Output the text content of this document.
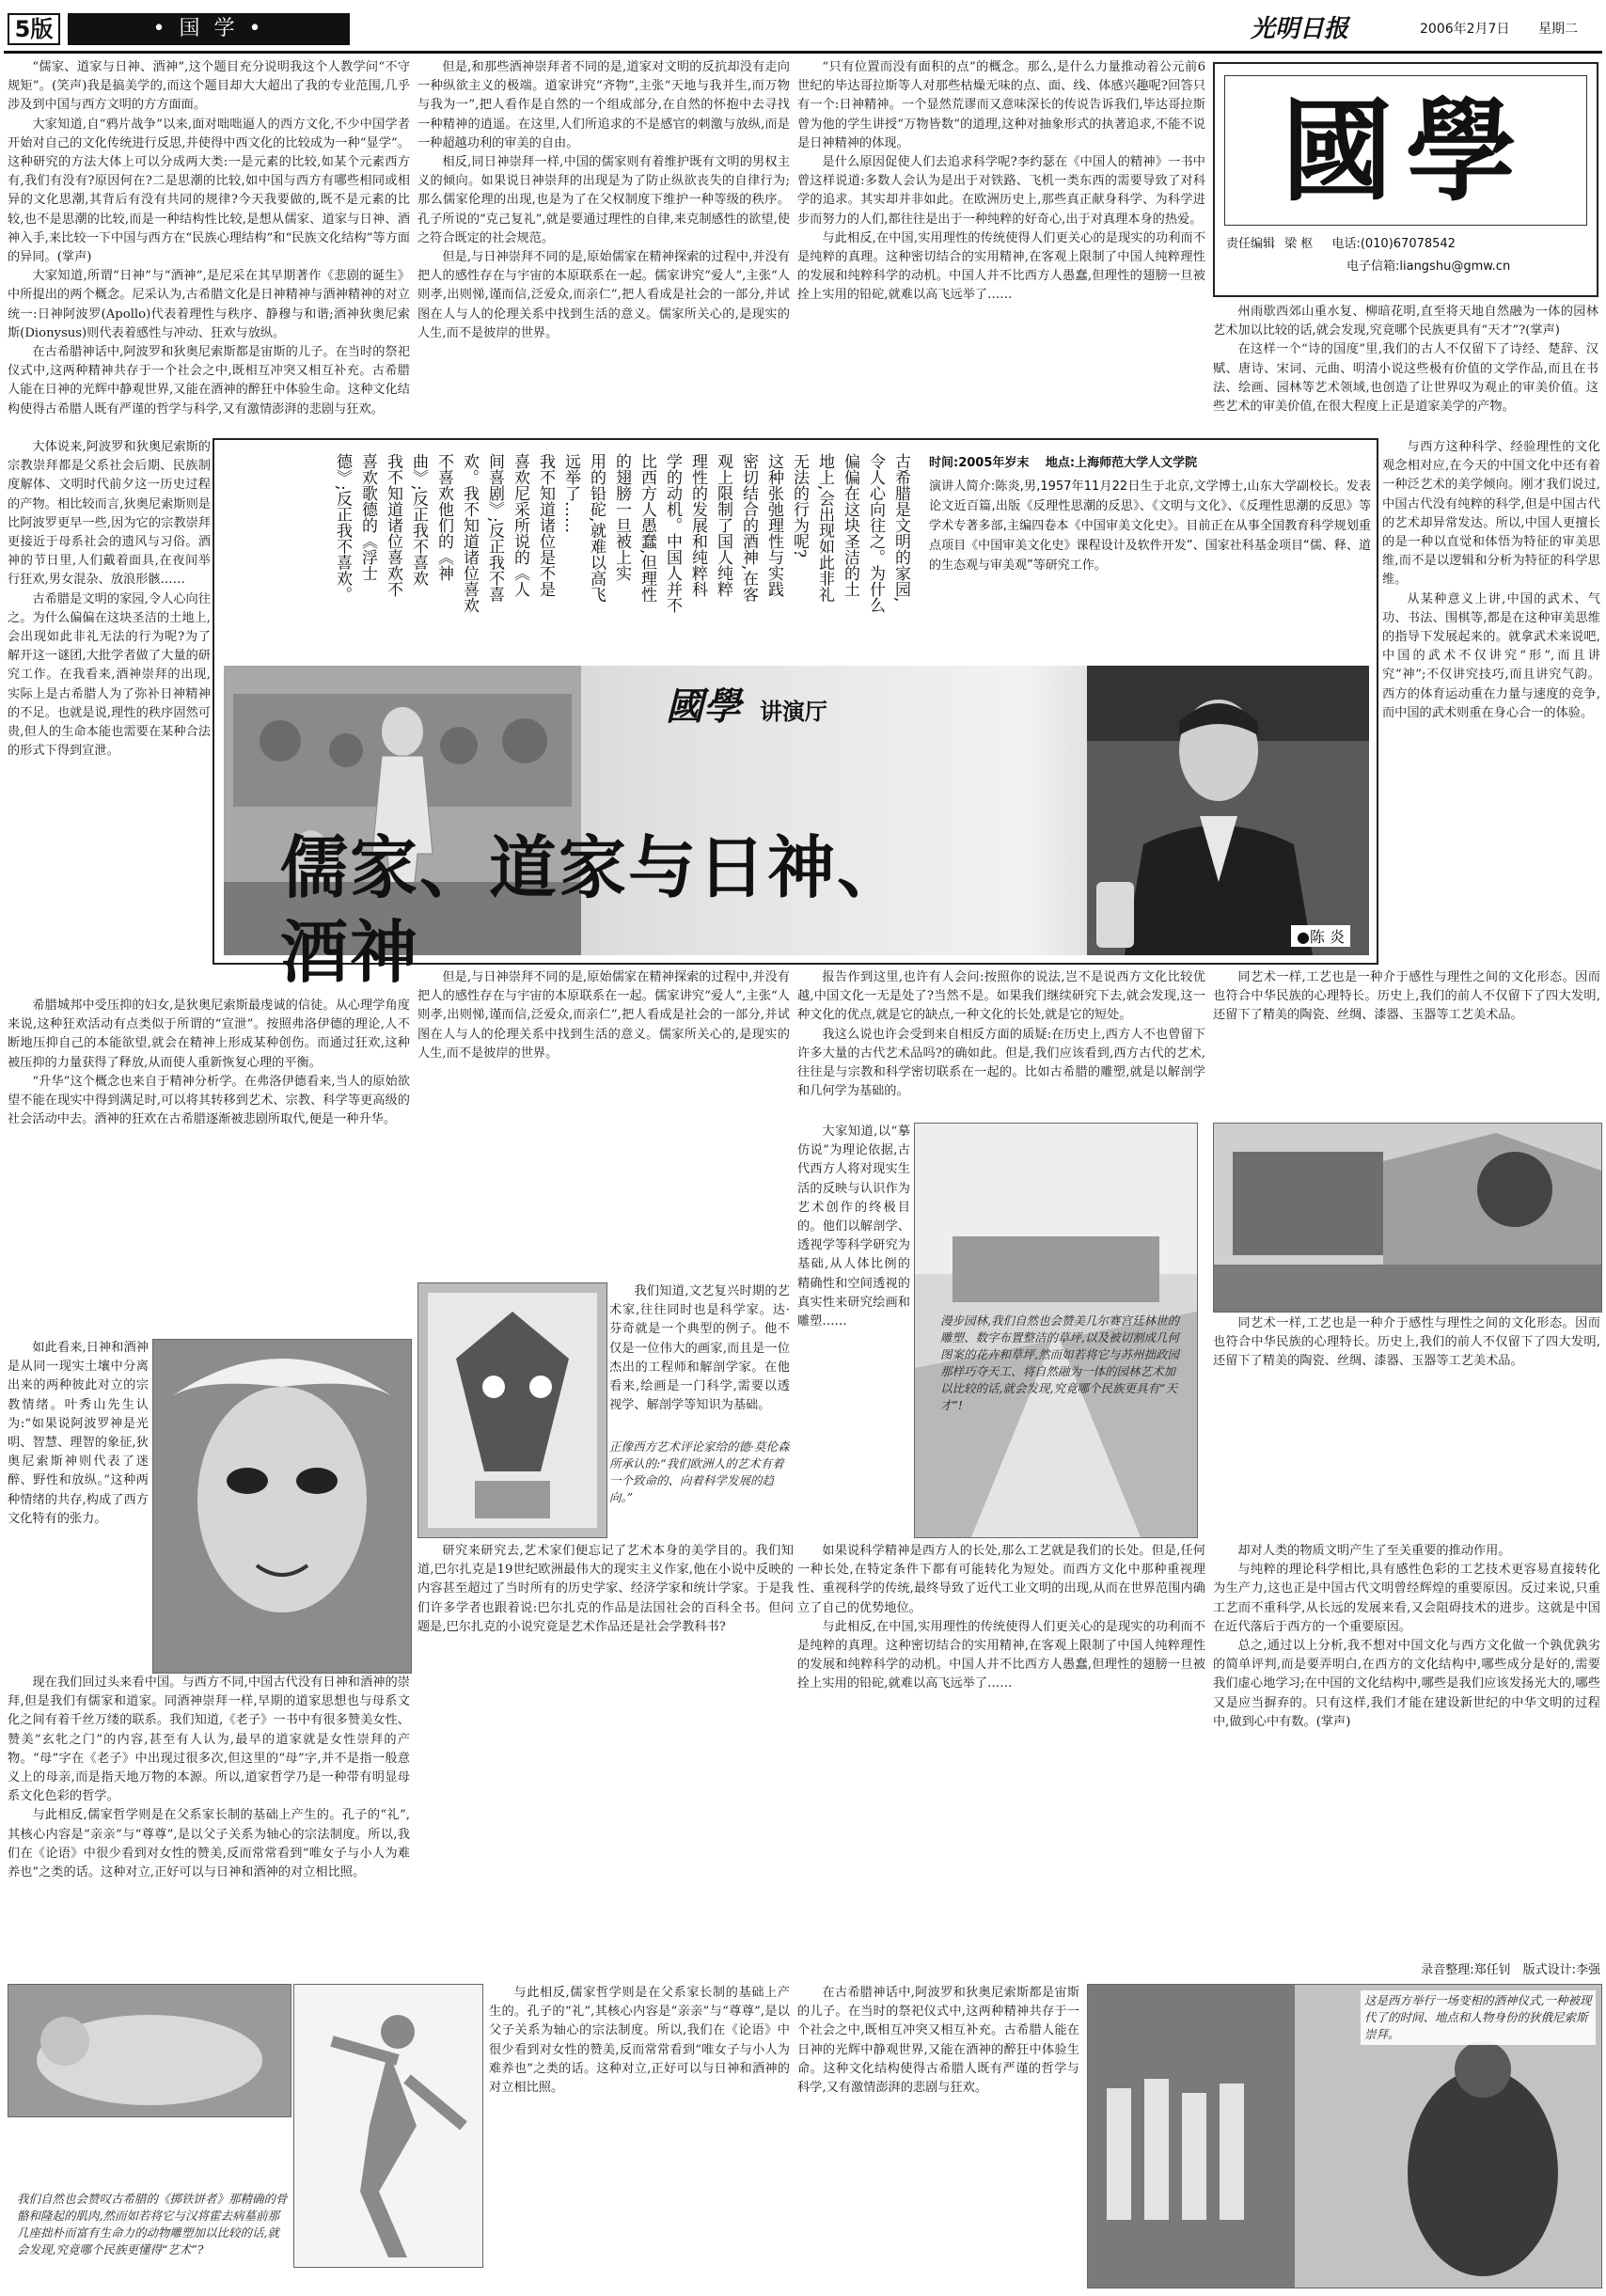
5版	• 国 学 •	光明日报	2006年2月7日	星期二
國學
责任编辑 梁 枢 电话:(010)67078542
电子信箱:liangshu@gmw.cn

“儒家、道家与日神、酒神”,这个题目充分说明我这个人教学问“不守规矩”。(笑声)我是搞美学的,而这个题目却大大超出了我的专业范围,几乎涉及到中国与西方文明的方方面面。

大家知道,自“鸦片战争”以来,面对咄咄逼人的西方文化,不少中国学者开始对自己的文化传统进行反思,并使得中西文化的比较成为一种“显学”。这种研究的方法大体上可以分成两大类:一是元素的比较,如某个元素西方有,我们有没有?原因何在?二是思潮的比较,如中国与西方有哪些相同或相异的文化思潮,其背后有没有共同的规律?今天我要做的,既不是元素的比较,也不是思潮的比较,而是一种结构性比较,是想从儒家、道家与日神、酒神入手,来比较一下中国与西方在“民族心理结构”和“民族文化结构”等方面的异同。(掌声)

大家知道,所谓“日神”与“酒神”,是尼采在其早期著作《悲剧的诞生》中所提出的两个概念。尼采认为,古希腊文化是日神精神与酒神精神的对立统一:日神阿波罗(Apollo)代表着理性与秩序、静穆与和谐;酒神狄奥尼索斯(Dionysus)则代表着感性与冲动、狂欢与放纵。

在古希腊神话中,阿波罗和狄奥尼索斯都是宙斯的儿子。在当时的祭祀仪式中,这两种精神共存于一个社会之中,既相互冲突又相互补充。古希腊人能在日神的光辉中静观世界,又能在酒神的醉狂中体验生命。这种文化结构使得古希腊人既有严谨的哲学与科学,又有激情澎湃的悲剧与狂欢。

大体说来,阿波罗和狄奥尼索斯的宗教崇拜都是父系社会后期、民族制度解体、文明时代前夕这一历史过程的产物。相比较而言,狄奥尼索斯则是比阿波罗更早一些,因为它的宗教崇拜更接近于母系社会的遗风与习俗。酒神的节日里,人们戴着面具,在夜间举行狂欢,男女混杂、放浪形骸……

古希腊是文明的家园,令人心向往之。为什么偏偏在这块圣洁的土地上,会出现如此非礼无法的行为呢?为了解开这一谜团,大批学者做了大量的研究工作。在我看来,酒神崇拜的出现,实际上是古希腊人为了弥补日神精神的不足。也就是说,理性的秩序固然可贵,但人的生命本能也需要在某种合法的形式下得到宣泄。

希腊城邦中受压抑的妇女,是狄奥尼索斯最虔诚的信徒。从心理学角度来说,这种狂欢活动有点类似于所谓的“宣泄”。按照弗洛伊德的理论,人不断地压抑自己的本能欲望,就会在精神上形成某种创伤。而通过狂欢,这种被压抑的力量获得了释放,从而使人重新恢复心理的平衡。

“升华”这个概念也来自于精神分析学。在弗洛伊德看来,当人的原始欲望不能在现实中得到满足时,可以将其转移到艺术、宗教、科学等更高级的社会活动中去。酒神的狂欢在古希腊逐渐被悲剧所取代,便是一种升华。

如此看来,日神和酒神是从同一现实土壤中分离出来的两种彼此对立的宗教情绪。叶秀山先生认为:“如果说阿波罗神是光明、智慧、理智的象征,狄奥尼索斯神则代表了迷醉、野性和放纵。”这种两种情绪的共存,构成了西方文化特有的张力。

现在我们回过头来看中国。与西方不同,中国古代没有日神和酒神的崇拜,但是我们有儒家和道家。同酒神崇拜一样,早期的道家思想也与母系文化之间有着千丝万缕的联系。我们知道,《老子》一书中有很多赞美女性、赞美“玄牝之门”的内容,甚至有人认为,最早的道家就是女性崇拜的产物。“母”字在《老子》中出现过很多次,但这里的“母”字,并不是指一般意义上的母亲,而是指天地万物的本源。所以,道家哲学乃是一种带有明显母系文化色彩的哲学。

与此相反,儒家哲学则是在父系家长制的基础上产生的。孔子的“礼”,其核心内容是“亲亲”与“尊尊”,是以父子关系为轴心的宗法制度。所以,我们在《论语》中很少看到对女性的赞美,反而常常看到“唯女子与小人为难养也”之类的话。这种对立,正好可以与日神和酒神的对立相比照。

但是,和那些酒神崇拜者不同的是,道家对文明的反抗却没有走向一种纵欲主义的极端。道家讲究“齐物”,主张“天地与我并生,而万物与我为一”,把人看作是自然的一个组成部分,在自然的怀抱中去寻找一种精神的逍遥。在这里,人们所追求的不是感官的刺激与放纵,而是一种超越功利的审美的自由。

相反,同日神崇拜一样,中国的儒家则有着维护既有文明的男权主义的倾向。如果说日神崇拜的出现是为了防止纵欲丧失的自律行为;那么儒家伦理的出现,也是为了在父权制度下维护一种等级的秩序。孔子所说的“克己复礼”,就是要通过理性的自律,来克制感性的欲望,使之符合既定的社会规范。

但是,与日神崇拜不同的是,原始儒家在精神探索的过程中,并没有把人的感性存在与宇宙的本原联系在一起。儒家讲究“爱人”,主张“人则孝,出则悌,谨而信,泛爱众,而亲仁”,把人看成是社会的一部分,并试图在人与人的伦理关系中找到生活的意义。儒家所关心的,是现实的人生,而不是彼岸的世界。

“只有位置而没有面积的点”的概念。那么,是什么力量推动着公元前6世纪的毕达哥拉斯等人对那些枯燥无味的点、面、线、体感兴趣呢?回答只有一个:日神精神。一个显然荒谬而又意味深长的传说告诉我们,毕达哥拉斯曾为他的学生讲授“万物皆数”的道理,这种对抽象形式的执著追求,不能不说是日神精神的体现。

是什么原因促使人们去追求科学呢?李约瑟在《中国人的精神》一书中曾这样说道:多数人会认为是出于对铁路、飞机一类东西的需要导致了对科学的追求。其实却并非如此。在欧洲历史上,那些真正献身科学、为科学进步而努力的人们,都往往是出于一种纯粹的好奇心,出于对真理本身的热爱。

与此相反,在中国,实用理性的传统使得人们更关心的是现实的功利而不是纯粹的真理。这种密切结合的实用精神,在客观上限制了中国人纯粹理性的发展和纯粹科学的动机。中国人并不比西方人愚蠢,但理性的翅膀一旦被拴上实用的铅砣,就难以高飞远举了……

州雨歇西郊山重水复、柳暗花明,直至将天地自然融为一体的园林艺术加以比较的话,就会发现,究竟哪个民族更具有“天才”?(掌声)

在这样一个“诗的国度”里,我们的古人不仅留下了诗经、楚辞、汉赋、唐诗、宋词、元曲、明清小说这些极有价值的文学作品,而且在书法、绘画、园林等艺术领域,也创造了让世界叹为观止的审美价值。这些艺术的审美价值,在很大程度上正是道家美学的产物。

与西方这种科学、经验理性的文化观念相对应,在今天的中国文化中还有着一种泛艺术的美学倾向。刚才我们说过,中国古代没有纯粹的科学,但是中国古代的艺术却异常发达。所以,中国人更擅长的是一种以直觉和体悟为特征的审美思维,而不是以逻辑和分析为特征的科学思维。

从某种意义上讲,中国的武术、气功、书法、围棋等,都是在这种审美思维的指导下发展起来的。就拿武术来说吧,中国的武术不仅讲究“形”,而且讲究“神”;不仅讲究技巧,而且讲究气韵。西方的体育运动重在力量与速度的竞争,而中国的武术则重在身心合一的体验。

同艺术一样,工艺也是一种介于感性与理性之间的文化形态。因而也符合中华民族的心理特长。历史上,我们的前人不仅留下了四大发明,还留下了精美的陶瓷、丝绸、漆器、玉器等工艺美术品。

古希腊是文明的家园,
令人心向往之。为什么
偏偏在这块圣洁的土
地上,会出现如此非礼
无法的行为呢?
这种张弛理性与实践
密切结合的酒神,在客
观上限制了国人纯粹
理性的发展和纯粹科
学的动机。中国人并不
比西方人愚蠢,但理性
的翅膀一旦被上实
用的铅砣,就难以高飞
远举了……
我不知道诸位是不是
喜欢尼采所说的《人
间喜剧》;反正我不喜
欢。我不知道诸位喜欢
不喜欢他们的《神
曲》;反正我不喜欢
我不知道诸位喜欢不
喜欢歌德的《浮士
德》;反正我不喜欢。	时间:2005年岁末　 地点:上海师范大学人文学院
演讲人简介:陈炎,男,1957年11月22日生于北京,文学博士,山东大学副校长。发表论文近百篇,出版《反理性思潮的反思》、《文明与文化》、《反理性思潮的反思》等学术专著多部,主编四卷本《中国审美文化史》。目前正在从事全国教育科学规划重点项目《中国审美文化史》课程设计及软件开发”、国家社科基金项目“儒、释、道的生态观与审美观”等研究工作。
國學 讲演厅
儒家、道家与日神、酒神	●陈 炎

但是,与日神崇拜不同的是,原始儒家在精神探索的过程中,并没有把人的感性存在与宇宙的本原联系在一起。儒家讲究“爱人”,主张“人则孝,出则悌,谨而信,泛爱众,而亲仁”,把人看成是社会的一部分,并试图在人与人的伦理关系中找到生活的意义。儒家所关心的,是现实的人生,而不是彼岸的世界。

报告作到这里,也许有人会问:按照你的说法,岂不是说西方文化比较优越,中国文化一无是处了?当然不是。如果我们继续研究下去,就会发现,这一种文化的优点,就是它的缺点,一种文化的长处,就是它的短处。

我这么说也许会受到来自相反方面的质疑:在历史上,西方人不也曾留下许多大量的古代艺术品吗?的确如此。但是,我们应该看到,西方古代的艺术,往往是与宗教和科学密切联系在一起的。比如古希腊的雕塑,就是以解剖学和几何学为基础的。

大家知道,以“摹仿说”为理论依据,古代西方人将对现实生活的反映与认识作为艺术创作的终极目的。他们以解剖学、透视学等科学研究为基础,从人体比例的精确性和空间透视的真实性来研究绘画和雕塑……	漫步园林,我们自然也会赞美几尔赛宫廷林世的雕塑、数字布置整洁的草坪,以及被切割成几何图案的花卉和草坪,然而如若将它与苏州拙政园那样巧夺天工、将自然融为一体的园林艺术加以比较的话,就会发现,究竟哪个民族更具有“天才”!

同艺术一样,工艺也是一种介于感性与理性之间的文化形态。因而也符合中华民族的心理特长。历史上,我们的前人不仅留下了四大发明,还留下了精美的陶瓷、丝绸、漆器、玉器等工艺美术品。

正像西方艺术评论家给的德·莫伦森所承认的:“我们欧洲人的艺术有着一个致命的、向着科学发展的趋向。”

我们知道,文艺复兴时期的艺术家,往往同时也是科学家。达·芬奇就是一个典型的例子。他不仅是一位伟大的画家,而且是一位杰出的工程师和解剖学家。在他看来,绘画是一门科学,需要以透视学、解剖学等知识为基础。

研究来研究去,艺术家们便忘记了艺术本身的美学目的。我们知道,巴尔扎克是19世纪欧洲最伟大的现实主义作家,他在小说中反映的内容甚至超过了当时所有的历史学家、经济学家和统计学家。于是我们许多学者也跟着说:巴尔扎克的作品是法国社会的百科全书。但问题是,巴尔扎克的小说究竟是艺术作品还是社会学教科书?

如果说科学精神是西方人的长处,那么工艺就是我们的长处。但是,任何一种长处,在特定条件下都有可能转化为短处。而西方文化中那种重视理性、重视科学的传统,最终导致了近代工业文明的出现,从而在世界范围内确立了自己的优势地位。

与此相反,在中国,实用理性的传统使得人们更关心的是现实的功利而不是纯粹的真理。这种密切结合的实用精神,在客观上限制了中国人纯粹理性的发展和纯粹科学的动机。中国人并不比西方人愚蠢,但理性的翅膀一旦被拴上实用的铅砣,就难以高飞远举了……

却对人类的物质文明产生了至关重要的推动作用。

与纯粹的理论科学相比,具有感性色彩的工艺技术更容易直接转化为生产力,这也正是中国古代文明曾经辉煌的重要原因。反过来说,只重工艺而不重科学,从长远的发展来看,又会阻碍技术的进步。这就是中国在近代落后于西方的一个重要原因。

总之,通过以上分析,我不想对中国文化与西方文化做一个孰优孰劣的简单评判,而是要弄明白,在西方的文化结构中,哪些成分是好的,需要我们虚心地学习;在中国的文化结构中,哪些是我们应该发扬光大的,哪些又是应当摒弃的。只有这样,我们才能在建设新世纪的中华文明的过程中,做到心中有数。(掌声)

录音整理:郑任钊　版式设计:李强
我们自然也会赞叹古希腊的《掷铁饼者》那精确的骨骼和隆起的肌肉,然而如若将它与汉将霍去病墓前那几座拙朴而富有生命力的动物雕塑加以比较的话,就会发现,究竟哪个民族更懂得“艺术”?

与此相反,儒家哲学则是在父系家长制的基础上产生的。孔子的“礼”,其核心内容是“亲亲”与“尊尊”,是以父子关系为轴心的宗法制度。所以,我们在《论语》中很少看到对女性的赞美,反而常常看到“唯女子与小人为难养也”之类的话。这种对立,正好可以与日神和酒神的对立相比照。

在古希腊神话中,阿波罗和狄奥尼索斯都是宙斯的儿子。在当时的祭祀仪式中,这两种精神共存于一个社会之中,既相互冲突又相互补充。古希腊人能在日神的光辉中静观世界,又能在酒神的醉狂中体验生命。这种文化结构使得古希腊人既有严谨的哲学与科学,又有激情澎湃的悲剧与狂欢。

这是西方举行一场变相的酒神仪式,一种被现代了的时间、地点和人物身份的狄俄尼索斯崇拜。
